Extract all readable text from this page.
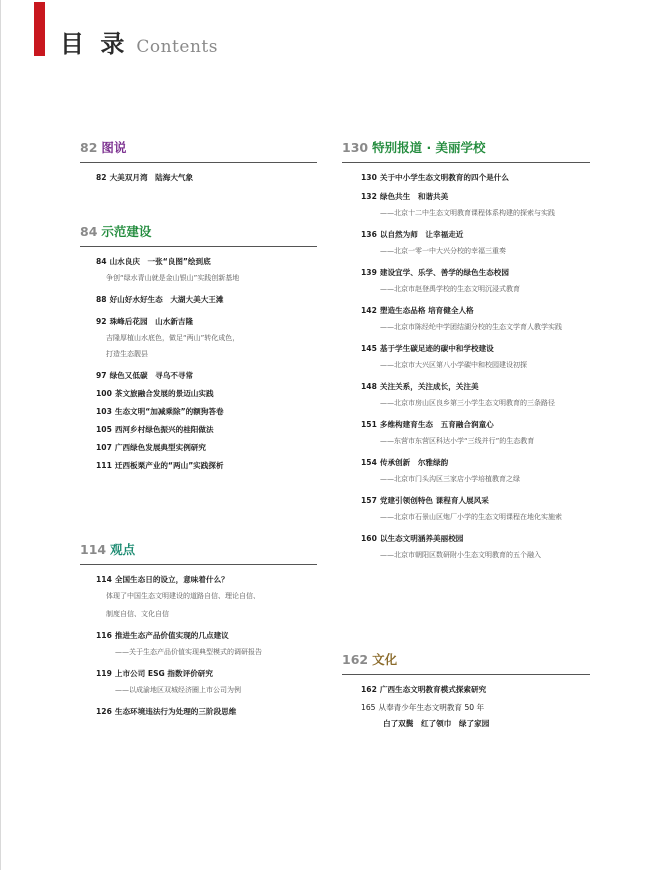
目 录 Contents
82 图说
82 大美双月湾　陆海大气象
84 示范建设
84 山水良庆　一张“良图”绘到底
争创“绿水青山就是金山银山”实践创新基地
88 好山好水好生态　大湖大美大王滩
92 珠峰后花园　山水新吉隆
吉隆厚植山水底色，做足“两山”转化成色，
打造生态靓县
97 绿色又低碳　寻乌不寻常
100 茶文旅融合发展的景迈山实践
103 生态文明“加减乘除”的额狗答卷
105 西河乡村绿色振兴的桂阳做法
107 广西绿色发展典型实例研究
111 迁西板栗产业的“两山”实践探析
114 观点
114 全国生态日的设立，意味着什么？
体现了中国生态文明建设的道路自信、理论自信、
制度自信、文化自信
116 推进生态产品价值实现的几点建议
——关于生态产品价值实现典型模式的调研报告
119 上市公司 ESG 指数评价研究
——以成渝地区双城经济圈上市公司为例
126 生态环境违法行为处理的三阶段思维
130 特别报道 · 美丽学校
130 关于中小学生态文明教育的四个是什么
132 绿色共生　和谐共美
——北京十二中生态文明教育课程体系构建的探索与实践
136 以自然为师　让幸福走近
——北京一零一中大兴分校的幸福三重奏
139 建设宜学、乐学、善学的绿色生态校园
——北京市赵登禹学校的生态文明沉浸式教育
142 塑造生态品格 培育健全人格
——北京市陈经纶中学团结湖分校的生态文学育人教学实践
145 基于学生碳足迹的碳中和学校建设
——北京市大兴区第八小学碳中和校园建设初探
148 关注关系，关注成长，关注美
——北京市房山区良乡第三小学生态文明教育的三条路径
151 多维构建育生态　五育融合润童心
——东营市东营区科达小学“三线并行”的生态教育
154 传承创新　尔雅绿韵
——北京市门头沟区三家店小学培植教育之绿
157 党建引领创特色 课程育人展风采
——北京市石景山区炮厂小学的生态文明课程在地化实施索
160 以生态文明涵养美丽校园
——北京市朝阳区数研附小生态文明教育的五个融入
162 文化
162 广西生态文明教育模式探索研究
165 从奉青少年生态文明教育 50 年
白了双鬓　红了领巾　绿了家园
